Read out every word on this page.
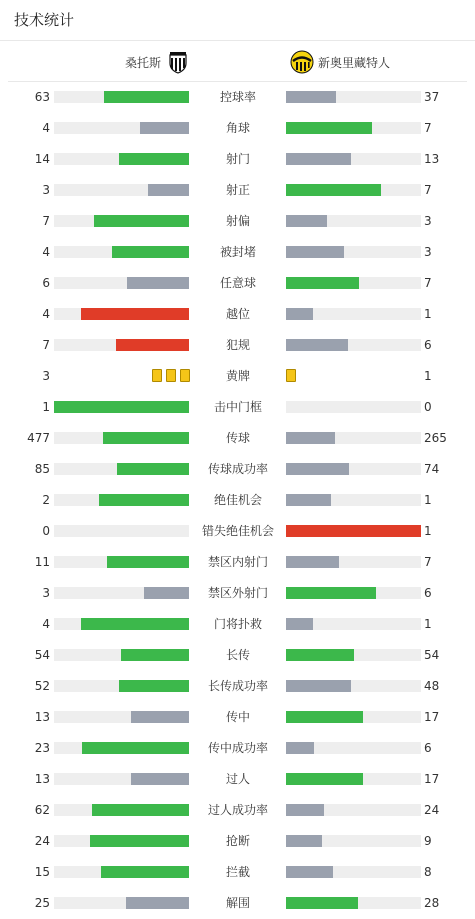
技术统计
桑托斯	新奥里藏特人
63	控球率	37
4	角球	7
14	射门	13
3	射正	7
7	射偏	3
4	被封堵	3
6	任意球	7
4	越位	1
7	犯规	6
3	黄牌	1
1	击中门框	0
477	传球	265
85	传球成功率	74
2	绝佳机会	1
0	错失绝佳机会	1
11	禁区内射门	7
3	禁区外射门	6
4	门将扑救	1
54	长传	54
52	长传成功率	48
13	传中	17
23	传中成功率	6
13	过人	17
62	过人成功率	24
24	抢断	9
15	拦截	8
25	解围	28
